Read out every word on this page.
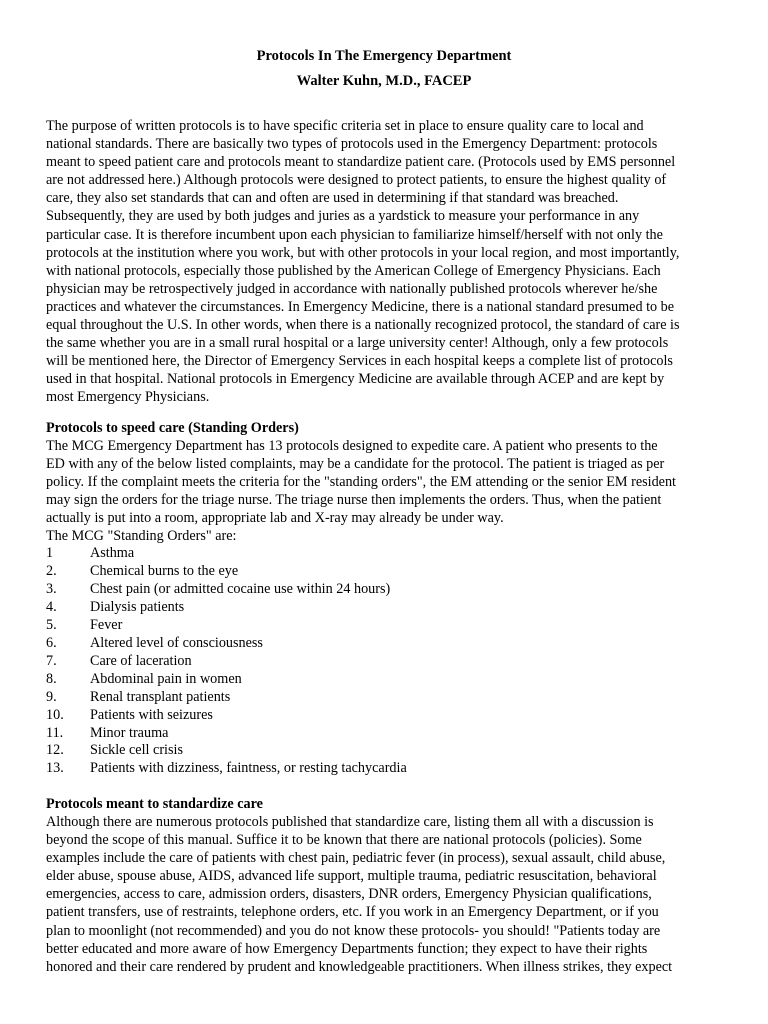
Protocols In The Emergency Department
Walter Kuhn, M.D., FACEP
The purpose of written protocols is to have specific criteria set in place to ensure quality care to local and
national standards. There are basically two types of protocols used in the Emergency Department: protocols
meant to speed patient care and protocols meant to standardize patient care. (Protocols used by EMS personnel
are not addressed here.) Although protocols were designed to protect patients, to ensure the highest quality of
care, they also set standards that can and often are used in determining if that standard was breached.
Subsequently, they are used by both judges and juries as a yardstick to measure your performance in any
particular case. It is therefore incumbent upon each physician to familiarize himself/herself with not only the
protocols at the institution where you work, but with other protocols in your local region, and most importantly,
with national protocols, especially those published by the American College of Emergency Physicians. Each
physician may be retrospectively judged in accordance with nationally published protocols wherever he/she
practices and whatever the circumstances. In Emergency Medicine, there is a national standard presumed to be
equal throughout the U.S. In other words, when there is a nationally recognized protocol, the standard of care is
the same whether you are in a small rural hospital or a large university center! Although, only a few protocols
will be mentioned here, the Director of Emergency Services in each hospital keeps a complete list of protocols
used in that hospital. National protocols in Emergency Medicine are available through ACEP and are kept by
most Emergency Physicians.
Protocols to speed care (Standing Orders)
The MCG Emergency Department has 13 protocols designed to expedite care. A patient who presents to the
ED with any of the below listed complaints, may be a candidate for the protocol. The patient is triaged as per
policy. If the complaint meets the criteria for the "standing orders", the EM attending or the senior EM resident
may sign the orders for the triage nurse. The triage nurse then implements the orders. Thus, when the patient
actually is put into a room, appropriate lab and X-ray may already be under way.
The MCG "Standing Orders" are:
1	Asthma
2.	Chemical burns to the eye
3.	Chest pain (or admitted cocaine use within 24 hours)
4.	Dialysis patients
5.	Fever
6.	Altered level of consciousness
7.	Care of laceration
8.	Abdominal pain in women
9.	Renal transplant patients
10.	Patients with seizures
11.	Minor trauma
12.	Sickle cell crisis
13.	Patients with dizziness, faintness, or resting tachycardia
Protocols meant to standardize care
Although there are numerous protocols published that standardize care, listing them all with a discussion is
beyond the scope of this manual. Suffice it to be known that there are national protocols (policies). Some
examples include the care of patients with chest pain, pediatric fever (in process), sexual assault, child abuse,
elder abuse, spouse abuse, AIDS, advanced life support, multiple trauma, pediatric resuscitation, behavioral
emergencies, access to care, admission orders, disasters, DNR orders, Emergency Physician qualifications,
patient transfers, use of restraints, telephone orders, etc. If you work in an Emergency Department, or if you
plan to moonlight (not recommended) and you do not know these protocols- you should! "Patients today are
better educated and more aware of how Emergency Departments function; they expect to have their rights
honored and their care rendered by prudent and knowledgeable practitioners. When illness strikes, they expect
